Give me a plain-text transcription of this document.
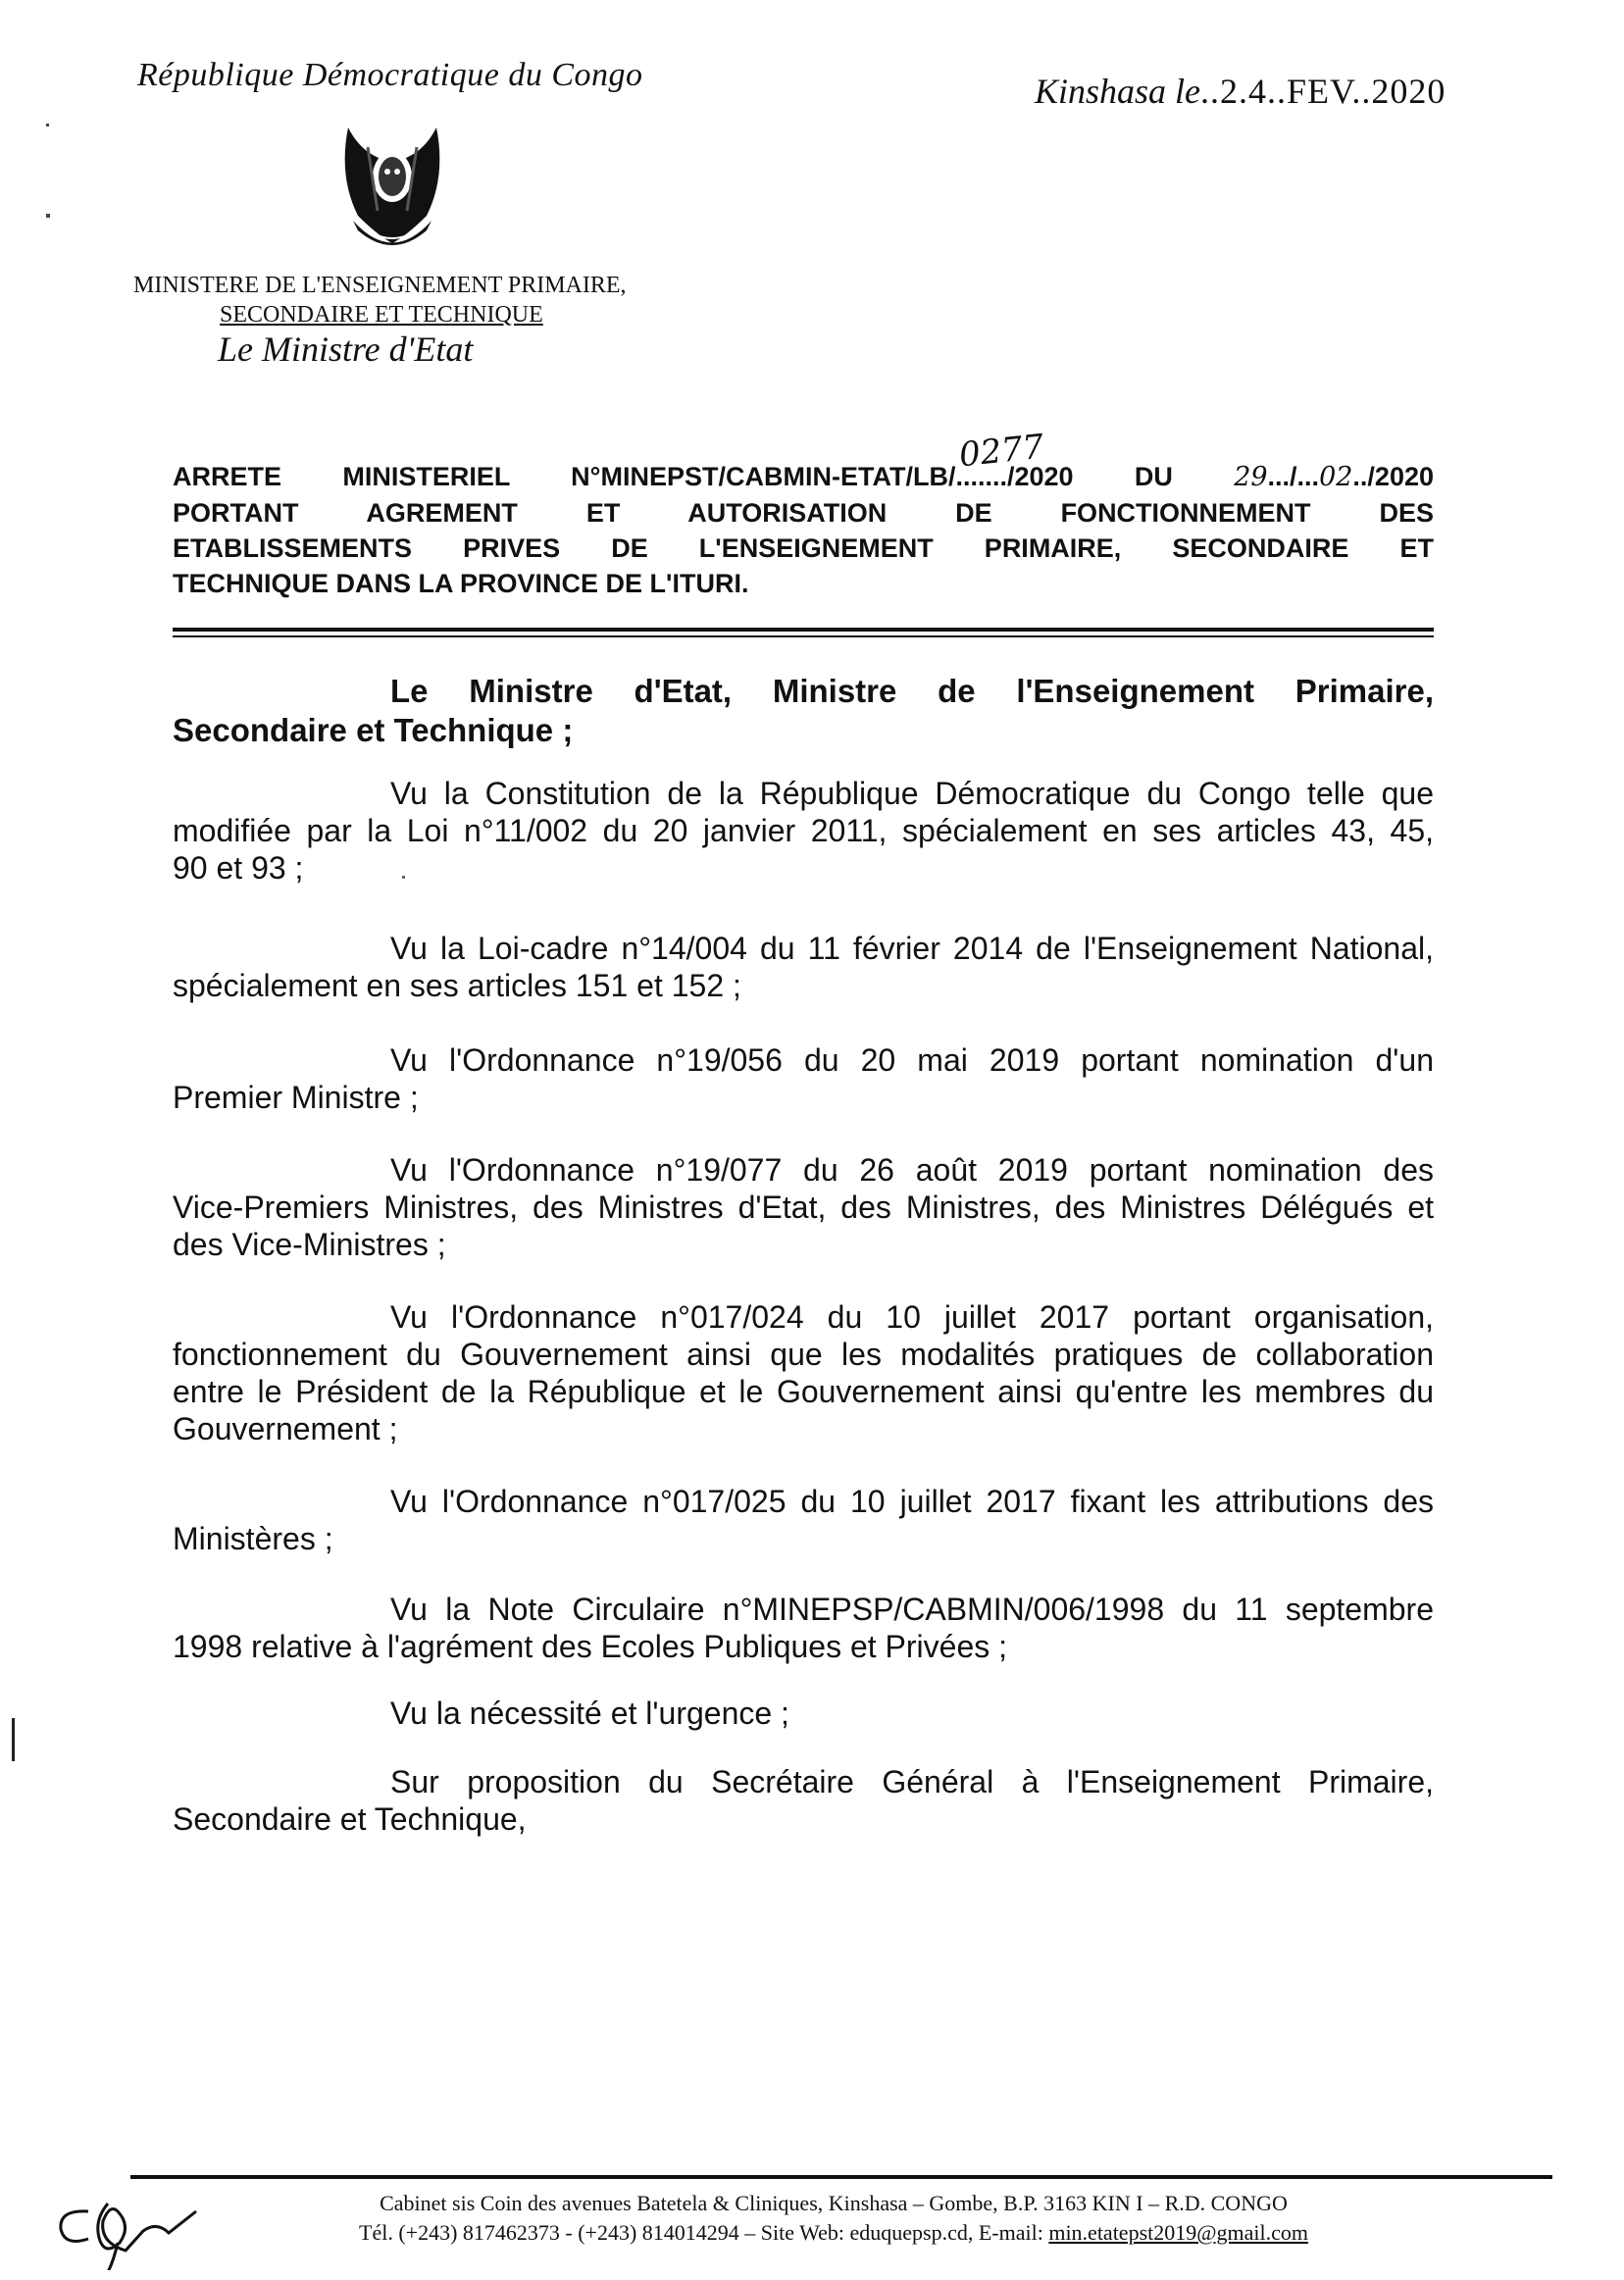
République Démocratique du Congo	Kinshasa le..2.4..FEV..2020
MINISTERE DE L'ENSEIGNEMENT PRIMAIRE,
SECONDAIRE ET TECHNIQUE
Le Ministre d'Etat
0277
ARRETE MINISTERIEL N°MINEPST/CABMIN-ETAT/LB/......./2020 DU 29.../...02../2020
PORTANT AGREMENT ET AUTORISATION DE FONCTIONNEMENT DES
ETABLISSEMENTS PRIVES DE L'ENSEIGNEMENT PRIMAIRE, SECONDAIRE ET
TECHNIQUE DANS LA PROVINCE DE L'ITURI.
Le Ministre d'Etat, Ministre de l'Enseignement Primaire,
Secondaire et Technique ;
Vu la Constitution de la République Démocratique du Congo telle que
modifiée par la Loi n°11/002 du 20 janvier 2011, spécialement en ses articles 43, 45,
90 et 93 ;
Vu la Loi-cadre n°14/004 du 11 février 2014 de l'Enseignement National,
spécialement en ses articles 151 et 152 ;
Vu l'Ordonnance n°19/056 du 20 mai 2019 portant nomination d'un
Premier Ministre ;
Vu l'Ordonnance n°19/077 du 26 août 2019 portant nomination des
Vice-Premiers Ministres, des Ministres d'Etat, des Ministres, des Ministres Délégués et
des Vice-Ministres ;
Vu l'Ordonnance n°017/024 du 10 juillet 2017 portant organisation,
fonctionnement du Gouvernement ainsi que les modalités pratiques de collaboration
entre le Président de la République et le Gouvernement ainsi qu'entre les membres du
Gouvernement ;
Vu l'Ordonnance n°017/025 du 10 juillet 2017 fixant les attributions des
Ministères ;
Vu la Note Circulaire n°MINEPSP/CABMIN/006/1998 du 11 septembre
1998 relative à l'agrément des Ecoles Publiques et Privées ;
Vu la nécessité et l'urgence ;
Sur proposition du Secrétaire Général à l'Enseignement Primaire,
Secondaire et Technique,
Cabinet sis Coin des avenues Batetela & Cliniques, Kinshasa – Gombe, B.P. 3163 KIN I – R.D. CONGO
Tél. (+243) 817462373 - (+243) 814014294 – Site Web: eduquepsp.cd, E-mail: min.etatepst2019@gmail.com
